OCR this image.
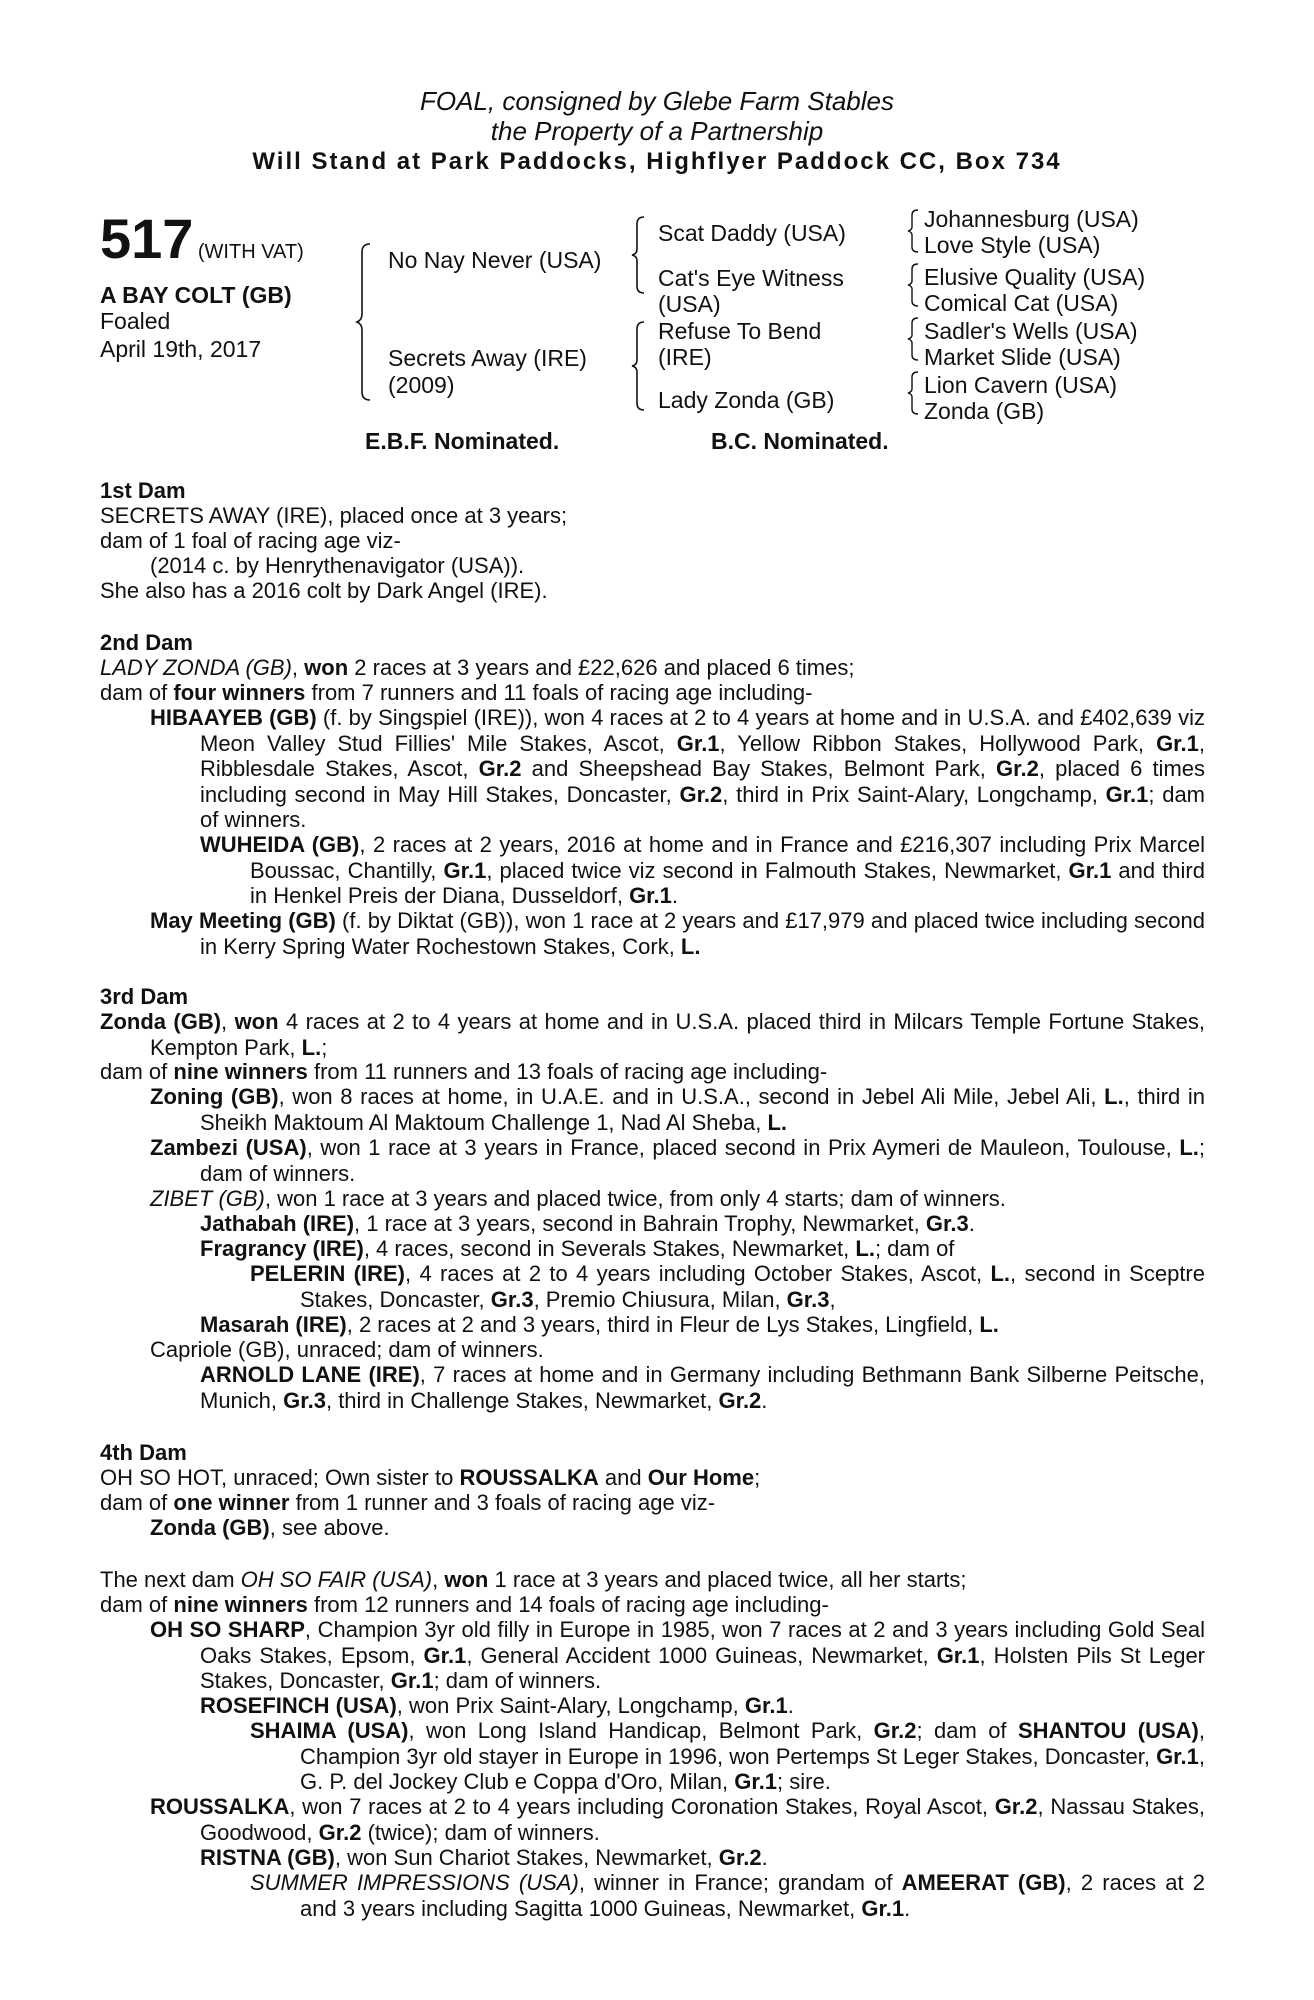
FOAL, consigned by Glebe Farm Stables
the Property of a Partnership
Will Stand at Park Paddocks, Highflyer Paddock CC, Box 734
517 (WITH VAT)
A BAY COLT (GB)
Foaled
April 19th, 2017
No Nay Never (USA)
Secrets Away (IRE)
(2009)
Scat Daddy (USA)
Cat's Eye Witness
(USA)
Refuse To Bend
(IRE)
Lady Zonda (GB)
Johannesburg (USA)
Love Style (USA)
Elusive Quality (USA)
Comical Cat (USA)
Sadler's Wells (USA)
Market Slide (USA)
Lion Cavern (USA)
Zonda (GB)
E.B.F. Nominated.	B.C. Nominated.
1st Dam
SECRETS AWAY (IRE), placed once at 3 years;
dam of 1 foal of racing age viz-
(2014 c. by Henrythenavigator (USA)).
She also has a 2016 colt by Dark Angel (IRE).
2nd Dam
LADY ZONDA (GB), won 2 races at 3 years and £22,626 and placed 6 times;
dam of four winners from 7 runners and 11 foals of racing age including-
HIBAAYEB (GB) (f. by Singspiel (IRE)), won 4 races at 2 to 4 years at home and in U.S.A. and £402,639 viz Meon Valley Stud Fillies' Mile Stakes, Ascot, Gr.1, Yellow Ribbon Stakes, Hollywood Park, Gr.1, Ribblesdale Stakes, Ascot, Gr.2 and Sheepshead Bay Stakes, Belmont Park, Gr.2, placed 6 times including second in May Hill Stakes, Doncaster, Gr.2, third in Prix Saint-Alary, Longchamp, Gr.1; dam of winners.
WUHEIDA (GB), 2 races at 2 years, 2016 at home and in France and £216,307 including Prix Marcel Boussac, Chantilly, Gr.1, placed twice viz second in Falmouth Stakes, Newmarket, Gr.1 and third in Henkel Preis der Diana, Dusseldorf, Gr.1.
May Meeting (GB) (f. by Diktat (GB)), won 1 race at 2 years and £17,979 and placed twice including second in Kerry Spring Water Rochestown Stakes, Cork, L.
3rd Dam
Zonda (GB), won 4 races at 2 to 4 years at home and in U.S.A. placed third in Milcars Temple Fortune Stakes, Kempton Park, L.;
dam of nine winners from 11 runners and 13 foals of racing age including-
Zoning (GB), won 8 races at home, in U.A.E. and in U.S.A., second in Jebel Ali Mile, Jebel Ali, L., third in Sheikh Maktoum Al Maktoum Challenge 1, Nad Al Sheba, L.
Zambezi (USA), won 1 race at 3 years in France, placed second in Prix Aymeri de Mauleon, Toulouse, L.; dam of winners.
ZIBET (GB), won 1 race at 3 years and placed twice, from only 4 starts; dam of winners.
Jathabah (IRE), 1 race at 3 years, second in Bahrain Trophy, Newmarket, Gr.3.
Fragrancy (IRE), 4 races, second in Severals Stakes, Newmarket, L.; dam of
PELERIN (IRE), 4 races at 2 to 4 years including October Stakes, Ascot, L., second in Sceptre Stakes, Doncaster, Gr.3, Premio Chiusura, Milan, Gr.3,
Masarah (IRE), 2 races at 2 and 3 years, third in Fleur de Lys Stakes, Lingfield, L.
Capriole (GB), unraced; dam of winners.
ARNOLD LANE (IRE), 7 races at home and in Germany including Bethmann Bank Silberne Peitsche, Munich, Gr.3, third in Challenge Stakes, Newmarket, Gr.2.
4th Dam
OH SO HOT, unraced; Own sister to ROUSSALKA and Our Home;
dam of one winner from 1 runner and 3 foals of racing age viz-
Zonda (GB), see above.
The next dam OH SO FAIR (USA), won 1 race at 3 years and placed twice, all her starts;
dam of nine winners from 12 runners and 14 foals of racing age including-
OH SO SHARP, Champion 3yr old filly in Europe in 1985, won 7 races at 2 and 3 years including Gold Seal Oaks Stakes, Epsom, Gr.1, General Accident 1000 Guineas, Newmarket, Gr.1, Holsten Pils St Leger Stakes, Doncaster, Gr.1; dam of winners.
ROSEFINCH (USA), won Prix Saint-Alary, Longchamp, Gr.1.
SHAIMA (USA), won Long Island Handicap, Belmont Park, Gr.2; dam of SHANTOU (USA), Champion 3yr old stayer in Europe in 1996, won Pertemps St Leger Stakes, Doncaster, Gr.1, G. P. del Jockey Club e Coppa d'Oro, Milan, Gr.1; sire.
ROUSSALKA, won 7 races at 2 to 4 years including Coronation Stakes, Royal Ascot, Gr.2, Nassau Stakes, Goodwood, Gr.2 (twice); dam of winners.
RISTNA (GB), won Sun Chariot Stakes, Newmarket, Gr.2.
SUMMER IMPRESSIONS (USA), winner in France; grandam of AMEERAT (GB), 2 races at 2 and 3 years including Sagitta 1000 Guineas, Newmarket, Gr.1.
